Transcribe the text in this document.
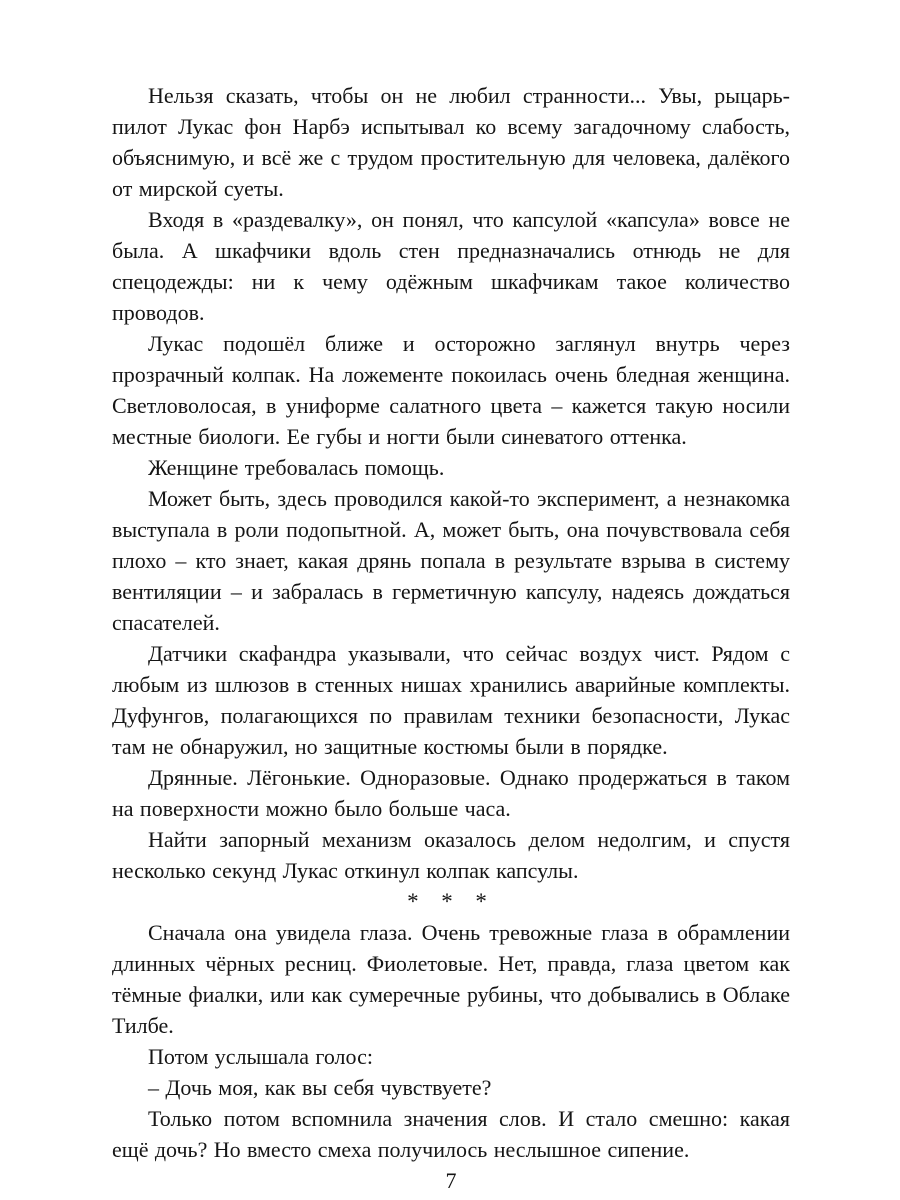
Нельзя сказать, чтобы он не любил странности... Увы, рыцарь-пилот Лукас фон Нарбэ испытывал ко всему загадочному слабость, объяснимую, и всё же с трудом простительную для человека, далёкого от мирской суеты.

Входя в «раздевалку», он понял, что капсулой «капсула» вовсе не была. А шкафчики вдоль стен предназначались отнюдь не для спецодежды: ни к чему одёжным шкафчикам такое количество проводов.

Лукас подошёл ближе и осторожно заглянул внутрь через прозрачный колпак. На ложементе покоилась очень бледная женщина. Светловолосая, в униформе салатного цвета – кажется такую носили местные биологи. Ее губы и ногти были синеватого оттенка.

Женщине требовалась помощь.

Может быть, здесь проводился какой-то эксперимент, а незнакомка выступала в роли подопытной. А, может быть, она почувствовала себя плохо – кто знает, какая дрянь попала в результате взрыва в систему вентиляции – и забралась в герметичную капсулу, надеясь дождаться спасателей.

Датчики скафандра указывали, что сейчас воздух чист. Рядом с любым из шлюзов в стенных нишах хранились аварийные комплекты. Дуфунгов, полагающихся по правилам техники безопасности, Лукас там не обнаружил, но защитные костюмы были в порядке.

Дрянные. Лёгонькие. Одноразовые. Однако продержаться в таком на поверхности можно было больше часа.

Найти запорный механизм оказалось делом недолгим, и спустя несколько секунд Лукас откинул колпак капсулы.

* * *

Сначала она увидела глаза. Очень тревожные глаза в обрамлении длинных чёрных ресниц. Фиолетовые. Нет, правда, глаза цветом как тёмные фиалки, или как сумеречные рубины, что добывались в Облаке Тилбе.

Потом услышала голос:

– Дочь моя, как вы себя чувствуете?

Только потом вспомнила значения слов. И стало смешно: какая ещё дочь? Но вместо смеха получилось неслышное сипение.

7
